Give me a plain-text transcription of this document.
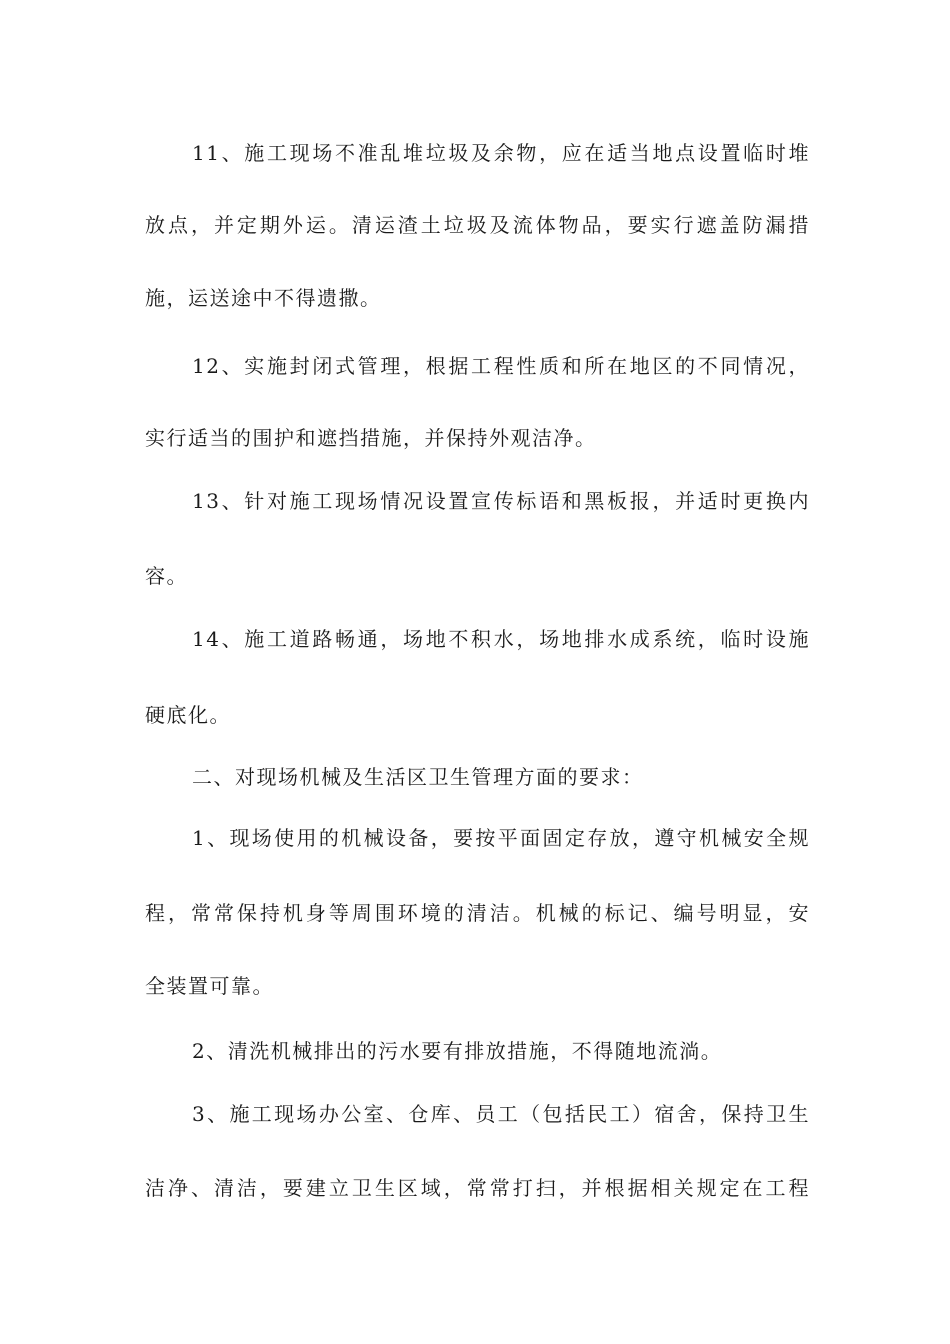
11、施工现场不准乱堆垃圾及余物，应在适当地点设置临时堆
放点，并定期外运。清运渣土垃圾及流体物品，要实行遮盖防漏措
施，运送途中不得遗撒。
12、实施封闭式管理，根据工程性质和所在地区的不同情况，
实行适当的围护和遮挡措施，并保持外观洁净。
13、针对施工现场情况设置宣传标语和黑板报，并适时更换内
容。
14、施工道路畅通，场地不积水，场地排水成系统，临时设施
硬底化。
二、对现场机械及生活区卫生管理方面的要求：
1、现场使用的机械设备，要按平面固定存放，遵守机械安全规
程，常常保持机身等周围环境的清洁。机械的标记、编号明显，安
全装置可靠。
2、清洗机械排出的污水要有排放措施，不得随地流淌。
3、施工现场办公室、仓库、员工（包括民工）宿舍，保持卫生
洁净、清洁，要建立卫生区域，常常打扫，并根据相关规定在工程
